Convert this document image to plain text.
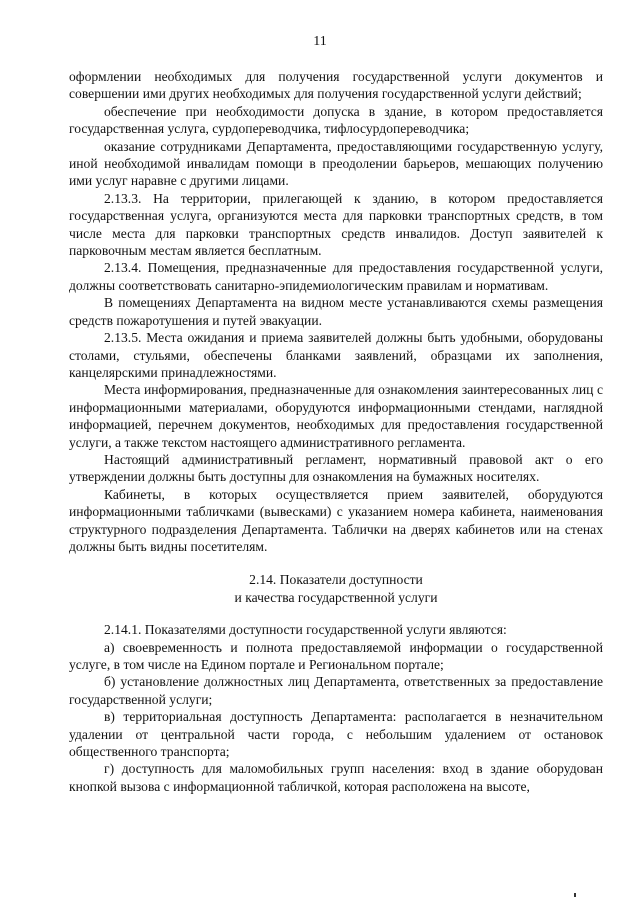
11

оформлении необходимых для получения государственной услуги документов и совершении ими других необходимых для получения государственной услуги действий;

обеспечение при необходимости допуска в здание, в котором предоставляется государственная услуга, сурдопереводчика, тифлосурдопереводчика;

оказание сотрудниками Департамента, предоставляющими государственную услугу, иной необходимой инвалидам помощи в преодолении барьеров, мешающих получению ими услуг наравне с другими лицами.

2.13.3. На территории, прилегающей к зданию, в котором предоставляется государственная услуга, организуются места для парковки транспортных средств, в том числе места для парковки транспортных средств инвалидов. Доступ заявителей к парковочным местам является бесплатным.

2.13.4. Помещения, предназначенные для предоставления государственной услуги, должны соответствовать санитарно-эпидемиологическим правилам и нормативам.

В помещениях Департамента на видном месте устанавливаются схемы размещения средств пожаротушения и путей эвакуации.

2.13.5. Места ожидания и приема заявителей должны быть удобными, оборудованы столами, стульями, обеспечены бланками заявлений, образцами их заполнения, канцелярскими принадлежностями.

Места информирования, предназначенные для ознакомления заинтересованных лиц с информационными материалами, оборудуются информационными стендами, наглядной информацией, перечнем документов, необходимых для предоставления государственной услуги, а также текстом настоящего административного регламента.

Настоящий административный регламент, нормативный правовой акт о его утверждении должны быть доступны для ознакомления на бумажных носителях.

Кабинеты, в которых осуществляется прием заявителей, оборудуются информационными табличками (вывесками) с указанием номера кабинета, наименования структурного подразделения Департамента. Таблички на дверях кабинетов или на стенах должны быть видны посетителям.

2.14. Показатели доступности
и качества государственной услуги

2.14.1. Показателями доступности государственной услуги являются:

а) своевременность и полнота предоставляемой информации о государственной услуге, в том числе на Едином портале и Региональном портале;

б) установление должностных лиц Департамента, ответственных за предоставление государственной услуги;

в) территориальная доступность Департамента: располагается в незначительном удалении от центральной части города, с небольшим удалением от остановок общественного транспорта;

г) доступность для маломобильных групп населения: вход в здание оборудован кнопкой вызова с информационной табличкой, которая расположена на высоте,
